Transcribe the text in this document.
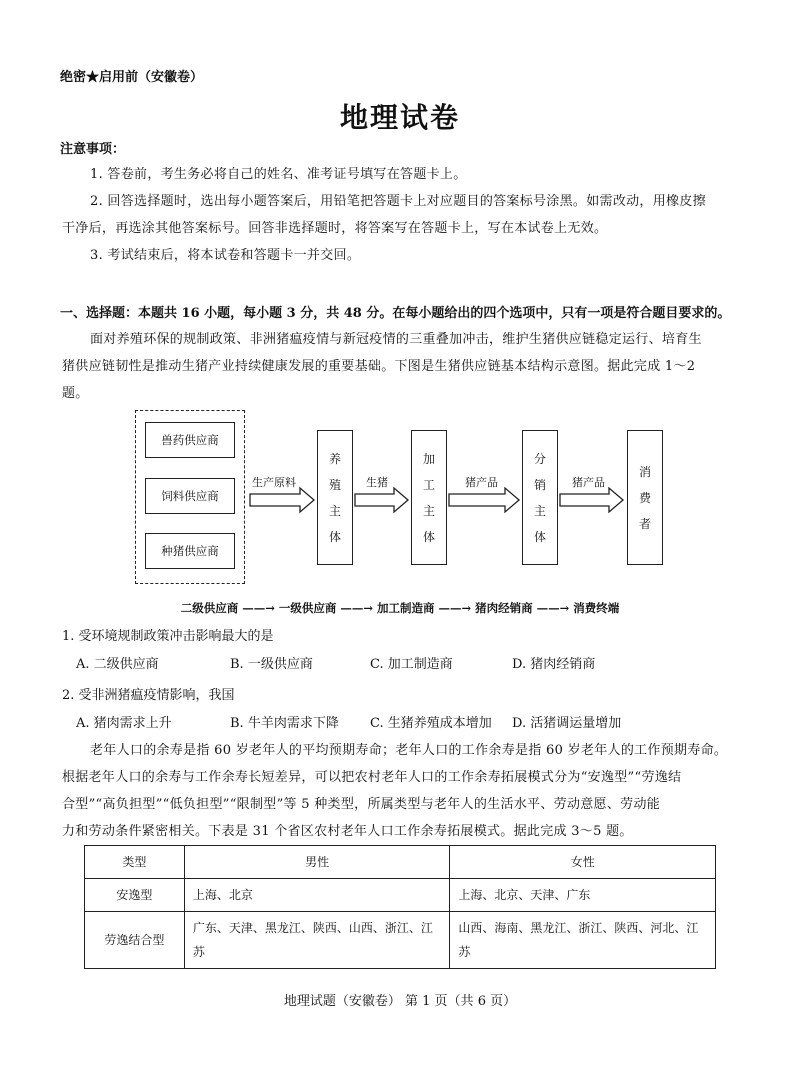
绝密★启用前（安徽卷）
地理试卷
注意事项：
1. 答卷前，考生务必将自己的姓名、准考证号填写在答题卡上。
2. 回答选择题时，选出每小题答案后，用铅笔把答题卡上对应题目的答案标号涂黑。如需改动，用橡皮擦
干净后，再选涂其他答案标号。回答非选择题时，将答案写在答题卡上，写在本试卷上无效。
3. 考试结束后，将本试卷和答题卡一并交回。
一、选择题：本题共 16 小题，每小题 3 分，共 48 分。在每小题给出的四个选项中，只有一项是符合题目要求的。
面对养殖环保的规制政策、非洲猪瘟疫情与新冠疫情的三重叠加冲击，维护生猪供应链稳定运行、培育生
猪供应链韧性是推动生猪产业持续健康发展的重要基础。下图是生猪供应链基本结构示意图。据此完成 1～2
题。
兽药供应商
饲料供应商
种猪供应商
生产原料	生猪	猪产品	猪产品
养
殖
主
体
加
工
主
体
分
销
主
体
消
费
者
二级供应商 ——→ 一级供应商 ——→ 加工制造商 ——→ 猪肉经销商 ——→ 消费终端
1. 受环境规制政策冲击影响最大的是
A. 二级供应商	B. 一级供应商	C. 加工制造商	D. 猪肉经销商
2. 受非洲猪瘟疫情影响，我国
A. 猪肉需求上升	B. 牛羊肉需求下降 C. 生猪养殖成本增加 D. 活猪调运量增加
老年人口的余寿是指 60 岁老年人的平均预期寿命；老年人口的工作余寿是指 60 岁老年人的工作预期寿命。
根据老年人口的余寿与工作余寿长短差异，可以把农村老年人口的工作余寿拓展模式分为“安逸型”“劳逸结
合型”“高负担型”“低负担型”“限制型”等 5 种类型，所属类型与老年人的生活水平、劳动意愿、劳动能
力和劳动条件紧密相关。下表是 31 个省区农村老年人口工作余寿拓展模式。据此完成 3～5 题。
类型	男性	女性
安逸型	上海、北京	上海、北京、天津、广东
劳逸结合型	广东、天津、黑龙江、陕西、山西、浙江、江苏	山西、海南、黑龙江、浙江、陕西、河北、江苏
地理试题（安徽卷） 第 1 页（共 6 页）
